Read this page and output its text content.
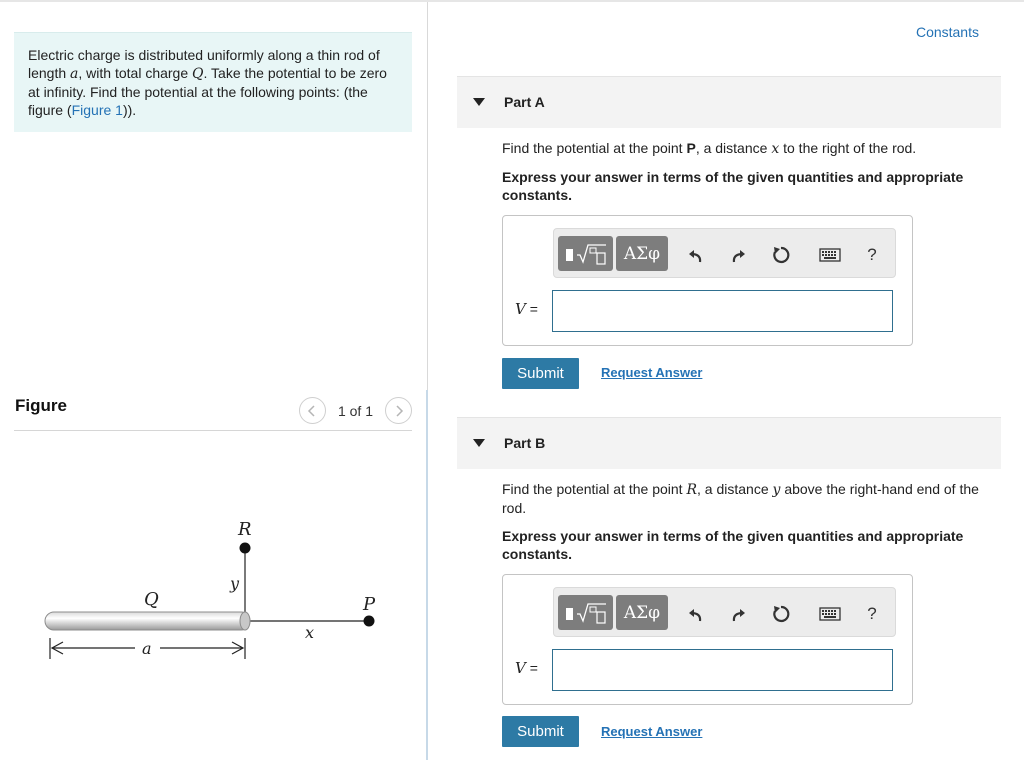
Electric charge is distributed uniformly along a thin rod of length a, with total charge Q. Take the potential to be zero at infinity. Find the potential at the following points: (the figure (Figure 1)).
Figure	1 of 1
R
Q
y
P
x
a
Constants
Part A
Find the potential at the point P, a distance x to the right of the rod.
Express your answer in terms of the given quantities and appropriate constants.
ΑΣφ	?
V =
Submit	Request Answer
Part B
Find the potential at the point R, a distance y above the right-hand end of the rod.
Express your answer in terms of the given quantities and appropriate constants.
ΑΣφ	?
V =
Submit	Request Answer
